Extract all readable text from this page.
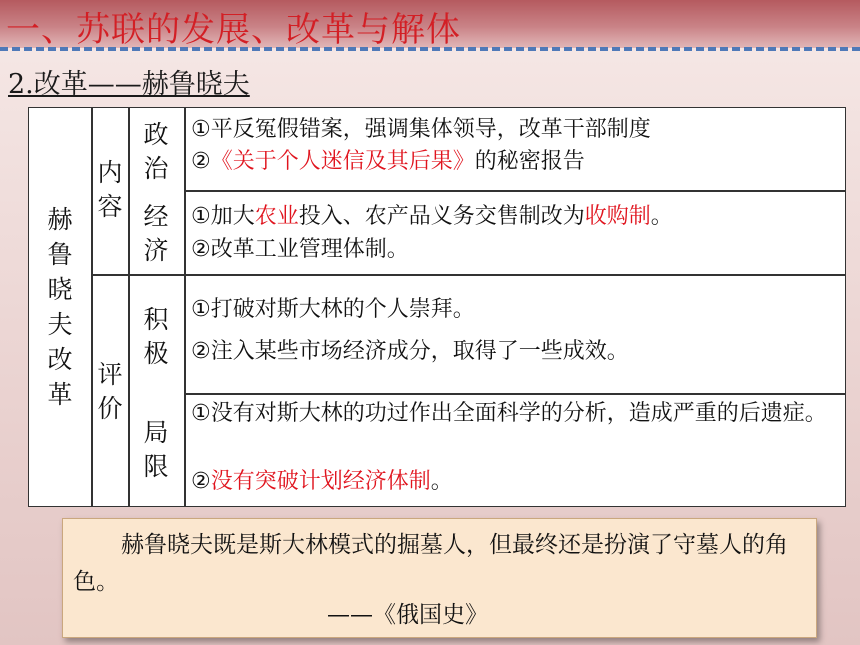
一、苏联的发展、改革与解体
2.改革——赫鲁晓夫
赫
鲁
晓
夫
改
革
内
容
评
价
政
治
经
济
积
极
局
限
①平反冤假错案，强调集体领导，改革干部制度
②《关于个人迷信及其后果》的秘密报告
①加大农业投入、农产品义务交售制改为收购制。
②改革工业管理体制。
①打破对斯大林的个人崇拜。
②注入某些市场经济成分，取得了一些成效。
①没有对斯大林的功过作出全面科学的分析，造成严重的后遗症。
②没有突破计划经济体制。
赫鲁晓夫既是斯大林模式的掘墓人，但最终还是扮演了守墓人的角色。
——《俄国史》
